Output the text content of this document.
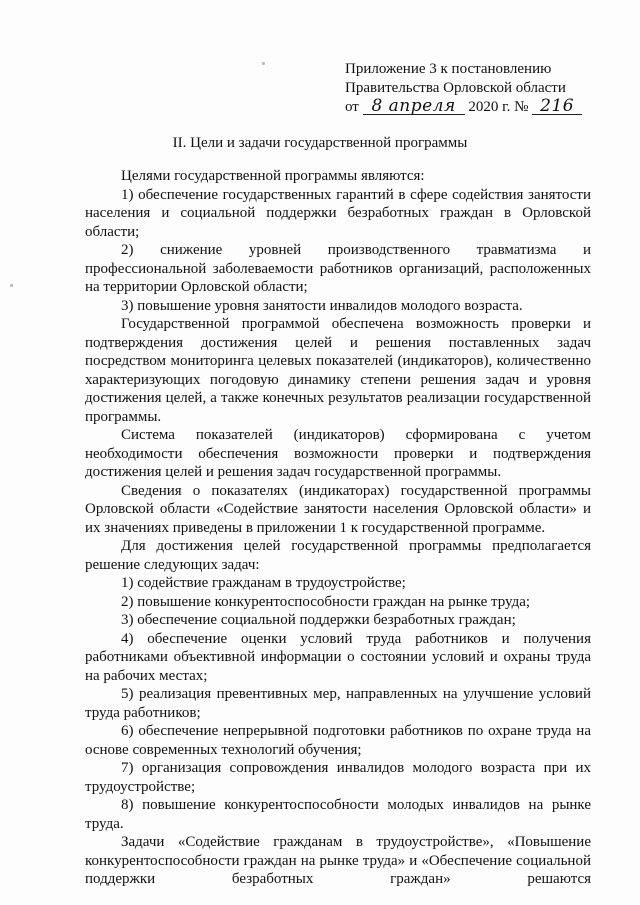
Приложение 3 к постановлению
Правительства Орловской области
от 8 апреля 2020 г. № 216
II. Цели и задачи государственной программы

Целями государственной программы являются:

1) обеспечение государственных гарантий в сфере содействия занятости населения и социальной поддержки безработных граждан в Орловской области;

2) снижение уровней производственного травматизма и профессиональной заболеваемости работников организаций, расположенных на территории Орловской области;

3) повышение уровня занятости инвалидов молодого возраста.

Государственной программой обеспечена возможность проверки и подтверждения достижения целей и решения поставленных задач посредством мониторинга целевых показателей (индикаторов), количественно характеризующих погодовую динамику степени решения задач и уровня достижения целей, а также конечных результатов реализации государственной программы.

Система показателей (индикаторов) сформирована с учетом необходимости обеспечения возможности проверки и подтверждения достижения целей и решения задач государственной программы.

Сведения о показателях (индикаторах) государственной программы Орловской области «Содействие занятости населения Орловской области» и их значениях приведены в приложении 1 к государственной программе.

Для достижения целей государственной программы предполагается решение следующих задач:

1) содействие гражданам в трудоустройстве;

2) повышение конкурентоспособности граждан на рынке труда;

3) обеспечение социальной поддержки безработных граждан;

4) обеспечение оценки условий труда работников и получения работниками объективной информации о состоянии условий и охраны труда на рабочих местах;

5) реализация превентивных мер, направленных на улучшение условий труда работников;

6) обеспечение непрерывной подготовки работников по охране труда на основе современных технологий обучения;

7) организация сопровождения инвалидов молодого возраста при их трудоустройстве;

8) повышение конкурентоспособности молодых инвалидов на рынке труда.

Задачи «Содействие гражданам в трудоустройстве», «Повышение конкурентоспособности граждан на рынке труда» и «Обеспечение социальной поддержки безработных граждан» решаются
